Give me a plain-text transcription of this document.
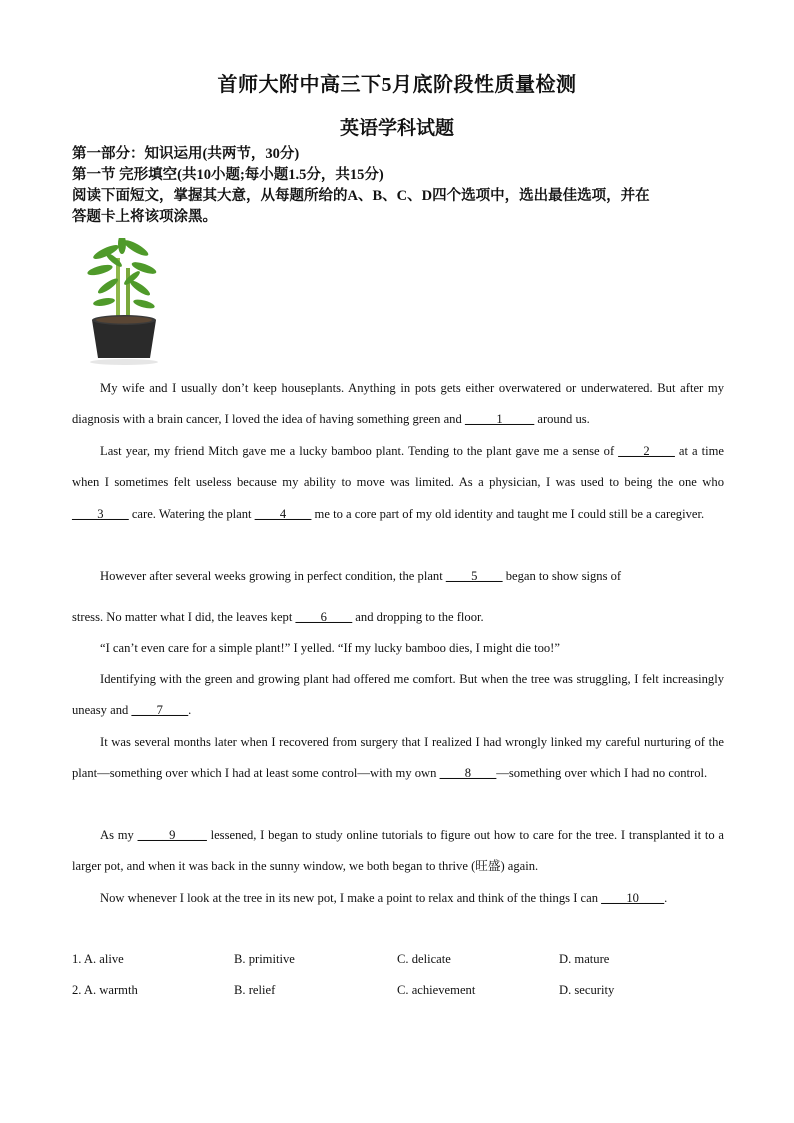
首师大附中高三下5月底阶段性质量检测
英语学科试题
第一部分：知识运用(共两节，30分)
第一节 完形填空(共10小题;每小题1.5分，共15分)
阅读下面短文，掌握其大意，从每题所给的A、B、C、D四个选项中，选出最佳选项，并在
答题卡上将该项涂黑。
My wife and I usually don’t keep houseplants. Anything in pots gets either overwatered or underwatered. But after my diagnosis with a brain cancer, I loved the idea of having something green and _____1_____ around us.
Last year, my friend Mitch gave me a lucky bamboo plant. Tending to the plant gave me a sense of ____2____ at a time when I sometimes felt useless because my ability to move was limited. As a physician, I was used to being the one who ____3____ care. Watering the plant ____4____ me to a core part of my old identity and taught me I could still be a caregiver.
However after several weeks growing in perfect condition, the plant ____5____ began to show signs of
stress. No matter what I did, the leaves kept ____6____ and dropping to the floor.
“I can’t even care for a simple plant!” I yelled. “If my lucky bamboo dies, I might die too!”
Identifying with the green and growing plant had offered me comfort. But when the tree was struggling, I felt increasingly uneasy and ____7____.
It was several months later when I recovered from surgery that I realized I had wrongly linked my careful nurturing of the plant—something over which I had at least some control—with my own ____8____—something over which I had no control.
As my _____9_____ lessened, I began to study online tutorials to figure out how to care for the tree. I transplanted it to a larger pot, and when it was back in the sunny window, we both began to thrive (旺盛) again.
Now whenever I look at the tree in its new pot, I make a point to relax and think of the things I can ____10____.
1. A. alive	B. primitive	C. delicate	D. mature
2. A. warmth	B. relief	C. achievement	D. security
